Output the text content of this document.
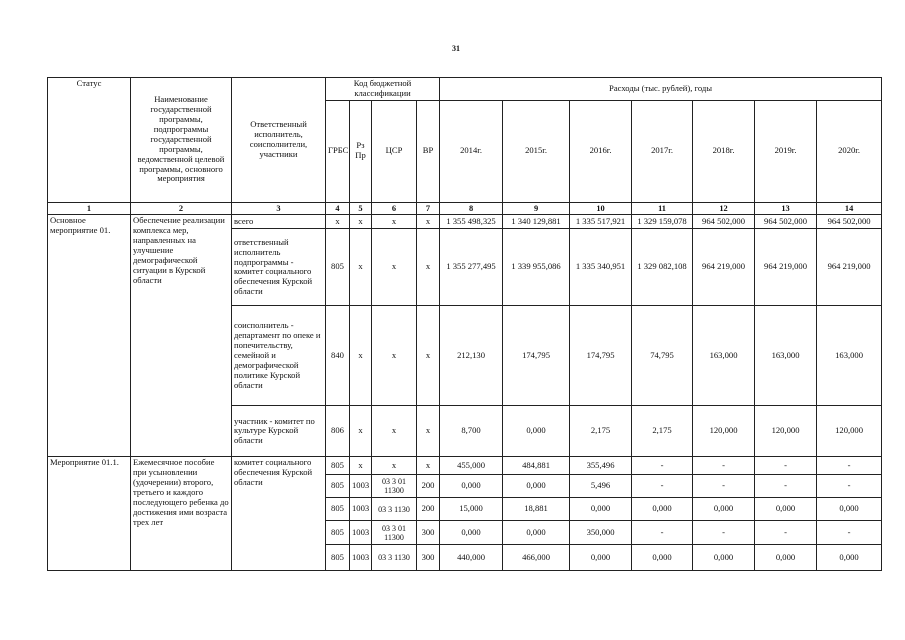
31
Статус	Наименование государственной программы, подпрограммы государственной программы, ведомственной целевой программы, основного мероприятия	Ответственный исполнитель, соисполнители, участники	Код бюджетной классификации				Расходы (тыс. рублей), годы						
			ГРБС	Рз Пр	ЦСР	ВР	2014г.	2015г.	2016г.	2017г.	2018г.	2019г.	2020г.
1	2	3	4	5	6	7	8	9	10	11	12	13	14
Основное мероприятие 01.	Обеспечение реализации комплекса мер, направленных на улучшение демографической ситуации в Курской области	всего	x	x	x	x	1 355 498,325	1 340 129,881	1 335 517,921	1 329 159,078	964 502,000	964 502,000	964 502,000
		ответственный исполнитель подпрограммы - комитет социального обеспечения Курской области	805	x	x	x	1 355 277,495	1 339 955,086	1 335 340,951	1 329 082,108	964 219,000	964 219,000	964 219,000
		соисполнитель - департамент по опеке и попечительству, семейной и демографической политике Курской области	840	x	x	x	212,130	174,795	174,795	74,795	163,000	163,000	163,000
		участник - комитет по культуре Курской области	806	x	x	x	8,700	0,000	2,175	2,175	120,000	120,000	120,000
Мероприятие 01.1.	Ежемесячное пособие при усыновлении (удочерении) второго, третьего и каждого последующего ребенка до достижения ими возраста трех лет	комитет социального обеспечения Курской области	805	x	x	x	455,000	484,881	355,496	-	-	-	-
			805	1003	03 3 01 11300	200	0,000	0,000	5,496	-	-	-	-
			805	1003	03 3 1130	200	15,000	18,881	0,000	0,000	0,000	0,000	0,000
			805	1003	03 3 01 11300	300	0,000	0,000	350,000	-	-	-	-
			805	1003	03 3 1130	300	440,000	466,000	0,000	0,000	0,000	0,000	0,000
